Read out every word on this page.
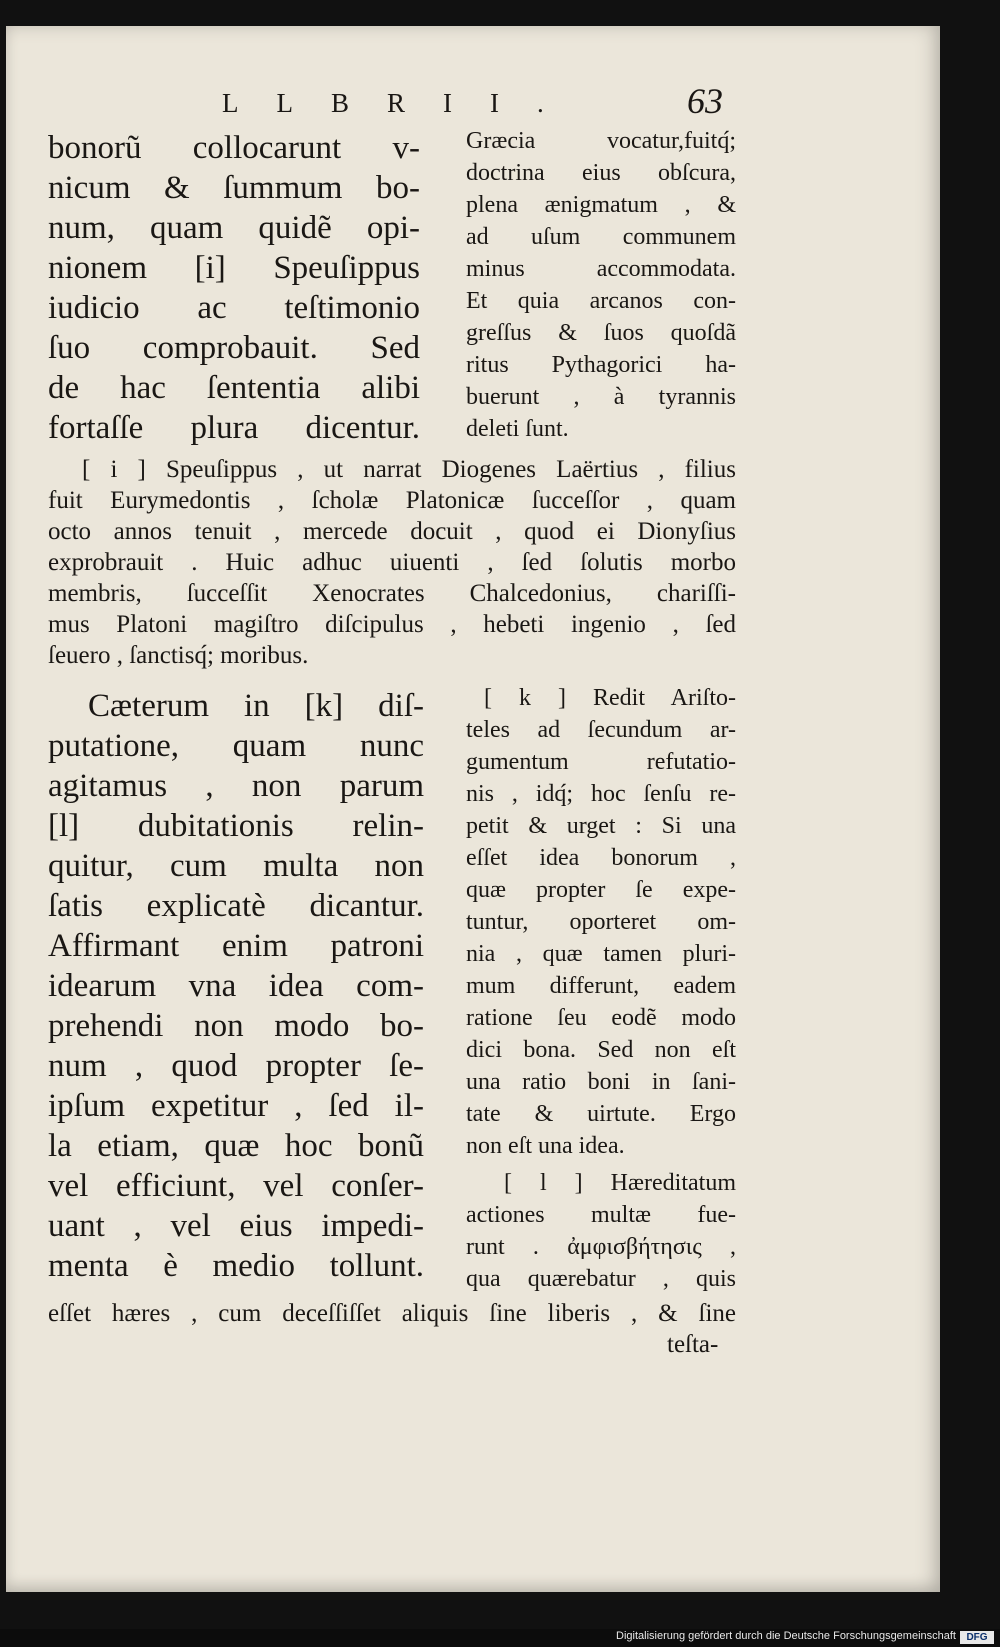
LLBRII.	63
bonorũ collocarunt v-
nicum & ſummum bo-
num, quam quidẽ opi-
nionem [i] Speuſippus
iudicio ac teſtimonio
ſuo comprobauit. Sed
de hac ſententia alibi
fortaſſe plura dicentur.
Græcia vocatur,fuitq́;
doctrina eius obſcura,
plena ænigmatum , &
ad uſum communem
minus accommodata.
Et quia arcanos con-
greſſus & ſuos quoſdã
ritus Pythagorici ha-
buerunt , à tyrannis
deleti ſunt.
[ i ] Speuſippus , ut narrat Diogenes Laërtius , filius
fuit Eurymedontis , ſcholæ Platonicæ ſucceſſor , quam
octo annos tenuit , mercede docuit , quod ei Dionyſius
exprobrauit . Huic adhuc uiuenti , ſed ſolutis morbo
membris, ſucceſſit Xenocrates Chalcedonius, chariſſi-
mus Platoni magiſtro diſcipulus , hebeti ingenio , ſed
ſeuero , ſanctisq́; moribus.
Cæterum in [k] diſ-
putatione, quam nunc
agitamus , non parum
[l] dubitationis relin-
quitur, cum multa non
ſatis explicatè dicantur.
Affirmant enim patroni
idearum vna idea com-
prehendi non modo bo-
num , quod propter ſe-
ipſum expetitur , ſed il-
la etiam, quæ hoc bonũ
vel efficiunt, vel conſer-
uant , vel eius impedi-
menta è medio tollunt.
[ k ] Redit Ariſto-
teles ad ſecundum ar-
gumentum refutatio-
nis , idq́; hoc ſenſu re-
petit & urget : Si una
eſſet idea bonorum ,
quæ propter ſe expe-
tuntur, oporteret om-
nia , quæ tamen pluri-
mum differunt, eadem
ratione ſeu eodẽ modo
dici bona. Sed non eſt
una ratio boni in ſani-
tate & uirtute. Ergo
non eſt una idea.
[ l ] Hæreditatum
actiones multæ fue-
runt . ἀμφισβήτησις ,
qua quærebatur , quis
eſſet hæres , cum deceſſiſſet aliquis ſine liberis , & ſine
teſta-
Digitalisierung gefördert durch die Deutsche Forschungsgemeinschaft	DFG
